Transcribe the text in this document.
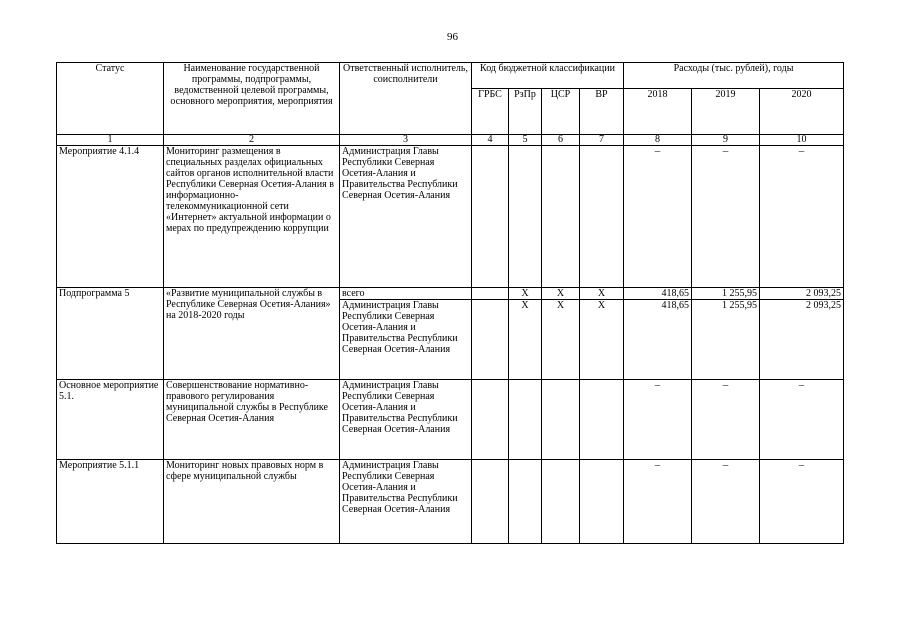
96
Статус	Наименование государственной программы, подпрограммы, ведомственной целевой программы, основного мероприятия, мероприятия	Ответственный исполнитель, соисполнители	Код бюджетной классификации				Расходы (тыс. рублей), годы		
			ГРБС	РзПр	ЦСР	ВР	2018	2019	2020
1	2	3	4	5	6	7	8	9	10
Мероприятие 4.1.4	Мониторинг размещения в специальных разделах официальных сайтов органов исполнительной власти Республики Северная Осетия-Алания в информационно-телекоммуникационной сети «Интернет» актуальной информации о мерах по предупреждению коррупции	Администрация Главы Республики Северная Осетия-Алания и Правительства Республики Северная Осетия-Алания					–	–	–
Подпрограмма 5	«Развитие муниципальной службы в Республике Северная Осетия-Алания» на 2018-2020 годы	всего		X	X	X	418,65	1 255,95	2 093,25
		Администрация Главы Республики Северная Осетия-Алания и Правительства Республики Северная Осетия-Алания		X	X	X	418,65	1 255,95	2 093,25
Основное мероприятие 5.1.	Совершенствование нормативно-правового регулирования муниципальной службы в Республике Северная Осетия-Алания	Администрация Главы Республики Северная Осетия-Алания и Правительства Республики Северная Осетия-Алания					–	–	–
Мероприятие 5.1.1	Мониторинг новых правовых норм в сфере муниципальной службы	Администрация Главы Республики Северная Осетия-Алания и Правительства Республики Северная Осетия-Алания					–	–	–
